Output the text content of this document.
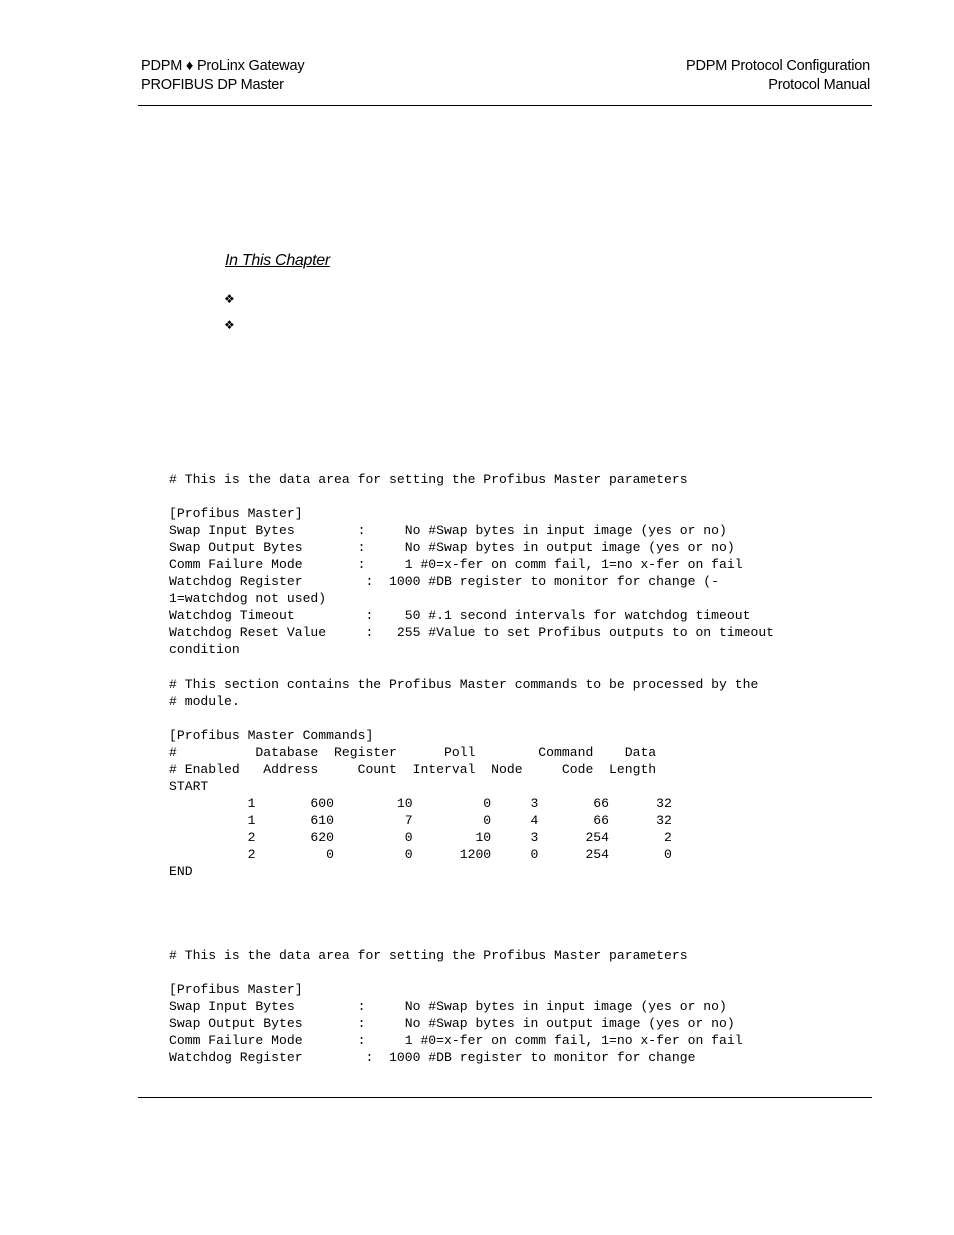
PDPM ♦ ProLinx Gateway
PROFIBUS DP Master
PDPM Protocol Configuration
Protocol Manual
In This Chapter
❖
❖
# This is the data area for setting the Profibus Master parameters

[Profibus Master]
Swap Input Bytes        :     No #Swap bytes in input image (yes or no)
Swap Output Bytes       :     No #Swap bytes in output image (yes or no)
Comm Failure Mode       :     1 #0=x-fer on comm fail, 1=no x-fer on fail
Watchdog Register        :  1000 #DB register to monitor for change (-
1=watchdog not used)
Watchdog Timeout         :    50 #.1 second intervals for watchdog timeout
Watchdog Reset Value     :   255 #Value to set Profibus outputs to on timeout
condition

# This section contains the Profibus Master commands to be processed by the
# module.

[Profibus Master Commands]
#          Database  Register      Poll        Command    Data
# Enabled   Address     Count  Interval  Node     Code  Length
START
1       600        10         0     3       66      32
1       610         7         0     4       66      32
2       620         0        10     3      254       2
2         0         0      1200     0      254       0
END
# This is the data area for setting the Profibus Master parameters

[Profibus Master]
Swap Input Bytes        :     No #Swap bytes in input image (yes or no)
Swap Output Bytes       :     No #Swap bytes in output image (yes or no)
Comm Failure Mode       :     1 #0=x-fer on comm fail, 1=no x-fer on fail
Watchdog Register        :  1000 #DB register to monitor for change
